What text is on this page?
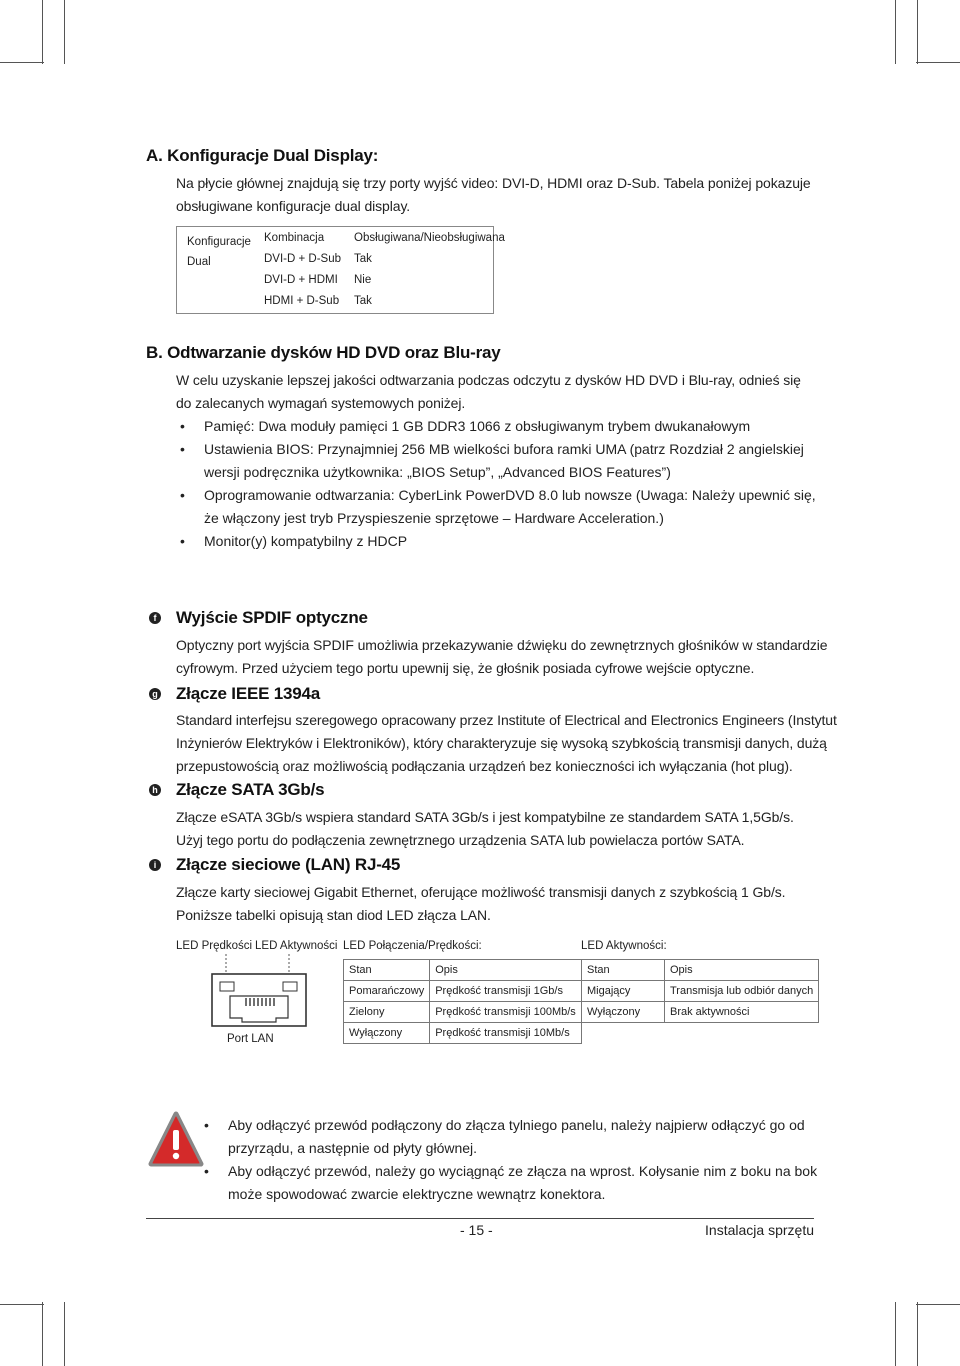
A. Konfiguracje Dual Display:
Na płycie głównej znajdują się trzy porty wyjść video: DVI-D, HDMI oraz D-Sub. Tabela poniżej pokazuje
obsługiwane konfiguracje dual display.
Konfiguracje
Dual
Kombinacja	Obsługiwana/Nieobsługiwana
DVI-D + D-Sub	Tak
DVI-D + HDMI	Nie
HDMI + D-Sub	Tak
B. Odtwarzanie dysków HD DVD oraz Blu-ray
W celu uzyskanie lepszej jakości odtwarzania podczas odczytu z dysków HD DVD i Blu-ray, odnieś się
do zalecanych wymagań systemowych poniżej.
• Pamięć: Dwa moduły pamięci 1 GB DDR3 1066 z obsługiwanym trybem dwukanałowym
• Ustawienia BIOS: Przynajmniej 256 MB wielkości bufora ramki UMA (patrz Rozdział 2 angielskiej
wersji podręcznika użytkownika: „BIOS Setup”, „Advanced BIOS Features”)
• Oprogramowanie odtwarzania: CyberLink PowerDVD 8.0 lub nowsze (Uwaga: Należy upewnić się,
że włączony jest tryb Przyspieszenie sprzętowe – Hardware Acceleration.)
• Monitor(y) kompatybilny z HDCP
f Wyjście SPDIF optyczne
Optyczny port wyjścia SPDIF umożliwia przekazywanie dźwięku do zewnętrznych głośników w standardzie
cyfrowym. Przed użyciem tego portu upewnij się, że głośnik posiada cyfrowe wejście optyczne.
g Złącze IEEE 1394a
Standard interfejsu szeregowego opracowany przez Institute of Electrical and Electronics Engineers (Instytut
Inżynierów Elektryków i Elektroników), który charakteryzuje się wysoką szybkością transmisji danych, dużą
przepustowością oraz możliwością podłączania urządzeń bez konieczności ich wyłączania (hot plug).
h Złącze SATA 3Gb/s
Złącze eSATA 3Gb/s wspiera standard SATA 3Gb/s i jest kompatybilne ze standardem SATA 1,5Gb/s.
Użyj tego portu do podłączenia zewnętrznego urządzenia SATA lub powielacza portów SATA.
i Złącze sieciowe (LAN) RJ-45
Złącze karty sieciowej Gigabit Ethernet, oferujące możliwość transmisji danych z szybkością 1 Gb/s.
Poniższe tabelki opisują stan diod LED złącza LAN.
LED Prędkości LED Aktywności
Port LAN
LED Połączenia/Prędkości:
Stan	Opis
Pomarańczowy	Prędkość transmisji 1Gb/s
Zielony	Prędkość transmisji 100Mb/s
Wyłączony	Prędkość transmisji 10Mb/s
LED Aktywności:
Stan	Opis
Migający	Transmisja lub odbiór danych
Wyłączony	Brak aktywności
• Aby odłączyć przewód podłączony do złącza tylniego panelu, należy najpierw odłączyć go od
przyrządu, a następnie od płyty głównej.
• Aby odłączyć przewód, należy go wyciągnąć ze złącza na wprost. Kołysanie nim z boku na bok
może spowodować zwarcie elektryczne wewnątrz konektora.
- 15 -	Instalacja sprzętu
